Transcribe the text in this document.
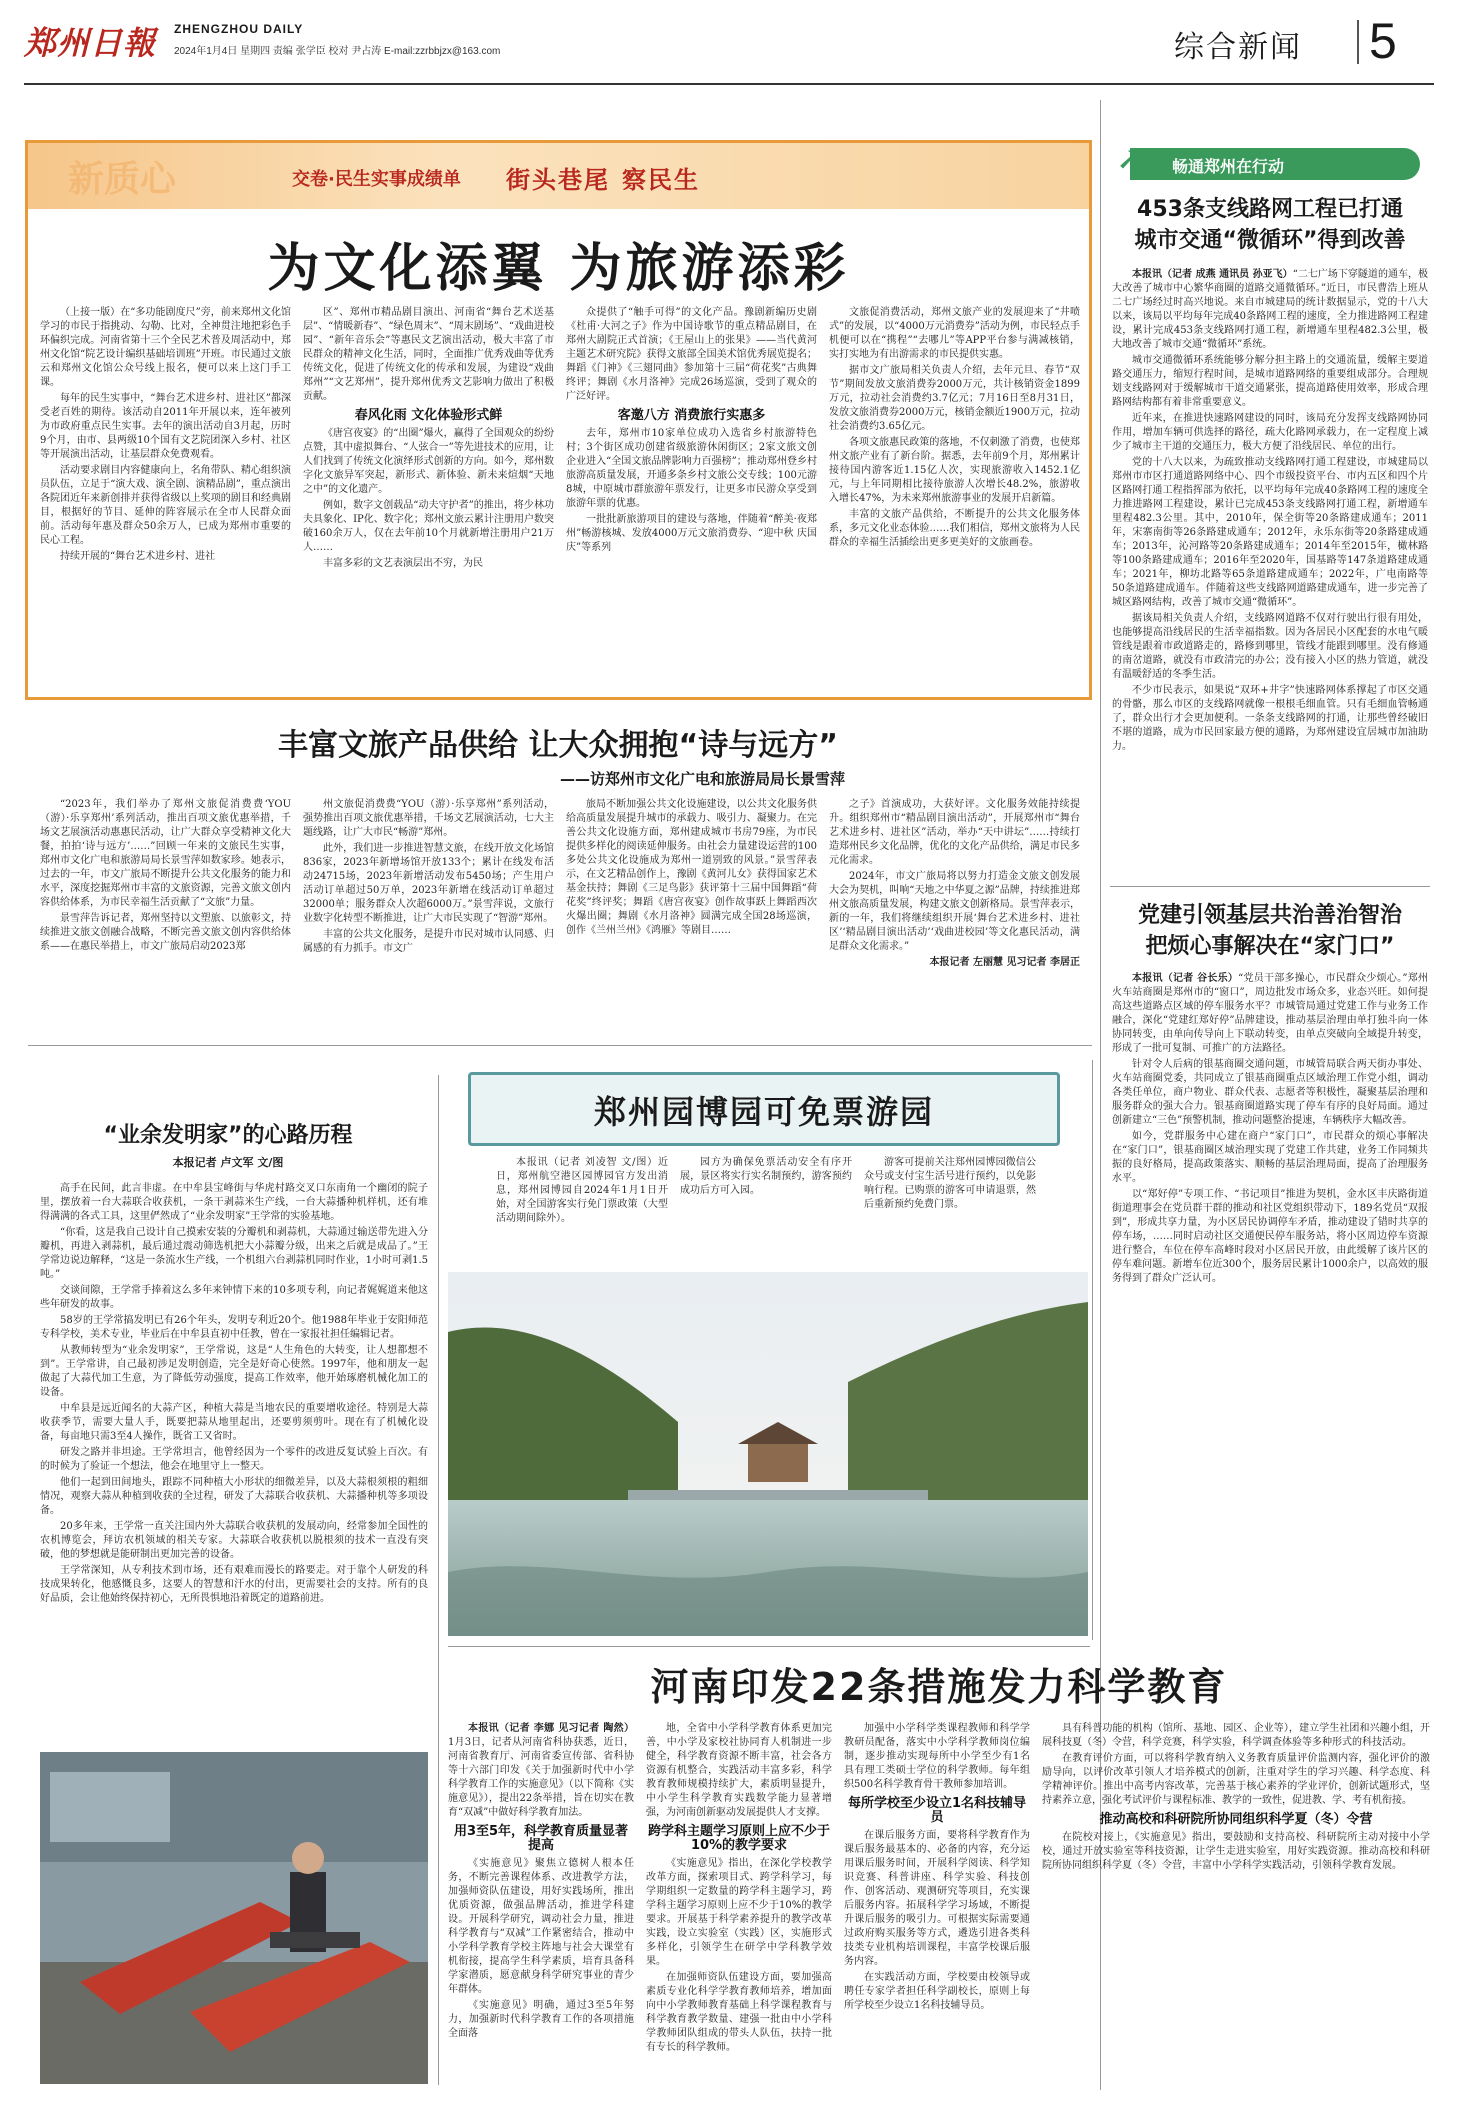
郑州日報 ZHENGZHOU DAILY
2024年1月4日 星期四 责编 张学臣 校对 尹占涛 E-mail:zzrbbjzx@163.com	综合新闻 5
新质心	交卷·民生实事成绩单 街头巷尾 察民生
为文化添翼 为旅游添彩

（上接一版）在“多功能剧度尺”旁，前来郑州文化馆学习的市民于指挑动、勾勒、比对，全神贯注地把彩色手环偏织完成。河南省第十三个全民艺术普及周活动中，郑州文化馆“院艺设计编织基础培训班”开班。市民通过文旅云和郑州文化馆公众号线上报名，便可以来上这门手工课。

每年的民生实事中，“舞台艺术进乡村、进社区”都深受老百姓的期待。该活动自2011年开展以来，连年被列为市政府重点民生实事。去年的演出活动自3月起，历时9个月，由市、县两级10个国有文艺院团深入乡村、社区等开展演出活动，让基层群众免费观看。

活动要求剧目内容健康向上，名角带队、精心组织演员队伍，立足于“演大戏、演全剧、演精品剧”，重点演出各院团近年来新创排并获得省级以上奖项的剧目和经典剧目，根据好的节目、延伸的阵容展示在全市人民群众面前。活动每年惠及群众50余万人，已成为郑州市重要的民心工程。

持续开展的“舞台艺术进乡村、进社

区”、郑州市精品剧目演出、河南省“舞台艺术送基层”、“情暖新春”、“绿色周末”、“周末剧场”、“戏曲进校园”、“新年音乐会”等惠民文艺演出活动，极大丰富了市民群众的精神文化生活，同时，全面推广优秀戏曲等优秀传统文化，促进了传统文化的传承和发展，为建设“戏曲郑州”“文艺郑州”，提升郑州优秀文艺影响力做出了积极贡献。

春风化雨 文化体验形式鲜

《唐宫夜宴》的“出圈”爆火，赢得了全国观众的纷纷点赞，其中虚拟舞台、“人弦合一”等先进技术的应用，让人们找到了传统文化演绎形式创新的方向。如今，郑州数字化文旅异军突起，新形式、新体验、新未来煊烟“天地之中”的文化遗产。

例如，数字文创载品“动夫守护者”的推出，将少林功夫具象化、IP化、数字化；郑州文旅云累计注册用户数突破160余万人，仅在去年前10个月就新增注册用户21万人……

丰富多彩的文艺表演层出不穷，为民

众提供了“触手可得”的文化产品。豫剧新编历史剧《杜甫·大河之子》作为中国诗歌节的重点精品剧目，在郑州大剧院正式首演；《王屋山上的张果》——当代黄河主题艺术研究院》获得文旅部全国美术馆优秀展览提名；舞蹈《门神》《三翅同曲》参加第十三届“荷花奖”古典舞终评；舞剧《水月洛神》完成26场巡演，受到了观众的广泛好评。

客邀八方 消费旅行实惠多

去年，郑州市10家单位成功入选省乡村旅游特色村；3个街区成功创建省级旅游休闲街区；2家文旅文创企业进入“全国文旅品牌影响力百强榜”；推动郑州登乡村旅游高质量发展，开通多条乡村文旅公交专线；100元游8城，中原城市群旅游年票发行，让更多市民游众享受到旅游年票的优惠。

一批批新旅游项目的建设与落地，伴随着“醉美·夜郑州”畅游核城、发放4000万元文旅消费券、“迎中秋 庆国庆”等系列

文旅促消费活动，郑州文旅产业的发展迎来了“井喷式”的发展，以“4000万元消费券”活动为例，市民轻点手机便可以在“携程”“去哪儿”等APP平台参与满减核销，实打实地为有出游需求的市民提供实惠。

据市文广旅局相关负责人介绍，去年元旦、春节“双节”期间发放文旅消费券2000万元，共计核销资金1899万元，拉动社会消费约3.7亿元；7月16日至8月31日，发放文旅消费券2000万元，核销金额近1900万元，拉动社会消费约3.65亿元。

各项文旅惠民政策的落地，不仅刺激了消费，也使郑州文旅产业有了新台阶。据悉，去年前9个月，郑州累计接待国内游客近1.15亿人次，实现旅游收入1452.1亿元，与上年同期相比接待旅游人次增长48.2%，旅游收入增长47%，为未来郑州旅游事业的发展开启新篇。

丰富的文旅产品供给，不断提升的公共文化服务体系，多元文化业态体验……我们相信，郑州文旅将为人民群众的幸福生活插绘出更多更美好的文旅画卷。

丰富文旅产品供给 让大众拥抱“诗与远方”
——访郑州市文化广电和旅游局局长景雪萍

“2023年，我们举办了郑州文旅促消费费‘YOU（游）·乐享郑州’系列活动，推出百项文旅优惠举措，千场文艺展演活动惠惠民活动，让广大群众享受精神文化大餐，拍拍‘诗与远方’……”回顾一年来的文旅民生实事，郑州市文化广电和旅游局局长景雪萍如数家珍。她表示，过去的一年，市文广旅局不断提升公共文化服务的能力和水平，深度挖掘郑州市丰富的文旅资源，完善文旅文创内容供给体系，为市民幸福生活贡献了“文旅”力量。

景雪萍告诉记者，郑州坚持以文塑旅、以旅彰文，持续推进文旅文创融合战略，不断完善文旅文创内容供给体系——在惠民举措上，市文广旅局启动2023郑

州文旅促消费费“YOU（游）·乐享郑州”系列活动，强势推出百项文旅优惠举措，千场文艺展演活动，七大主题线路，让广大市民“畅游”郑州。

此外，我们进一步推进智慧文旅，在线开放文化场馆836家，2023年新增场馆开放133个；累计在线发布活动24715场，2023年新增活动发布5450场；产生用户活动订单超过50万单，2023年新增在线活动订单超过32000单；服务群众人次超6000万。”景雪萍说，文旅行业数字化转型不断推进，让广大市民实现了“智游”郑州。

丰富的公共文化服务，是提升市民对城市认同感、归属感的有力抓手。市文广

旅局不断加强公共文化设施建设，以公共文化服务供给高质量发展提升城市的承载力、吸引力、凝聚力。在完善公共文化设施方面，郑州建成城市书房79座，为市民提供多样化的阅读延伸服务。由社会力量建设运营的100多处公共文化设施成为郑州一道别致的风景。”景雪萍表示，在文艺精品创作上，豫剧《黄河儿女》获得国家艺术基金扶持；舞剧《三足鸟影》获评第十三届中国舞蹈“荷花奖”终评奖；舞蹈《唐宫夜宴》创作故事跃上舞蹈西次火爆出圈；舞剧《水月洛神》圆满完成全国28场巡演，创作《兰州兰州》《鸿雁》等剧目……

之子》首演成功，大获好评。文化服务效能持续提升。组织郑州市“精品剧目演出活动”，开展郑州市“舞台艺术进乡村、进社区”活动，举办“天中讲坛”……持续打造郑州民乡文化品牌，优化的文化产品供给，满足市民多元化需求。

2024年，市文广旅局将以努力打造金文旅文创发展大会为契机，叫响“天地之中华夏之源”品牌，持续推进郑州文旅高质量发展，构建文旅文创新格局。景雪萍表示，新的一年，我们将继续组织开展‘舞台艺术进乡村、进社区’‘精品剧目演出活动’‘戏曲进校园’等文化惠民活动，满足群众文化需求。”

本报记者 左丽慧 见习记者 李居正
➚ 畅通郑州在行动
453条支线路网工程已打通
城市交通“微循环”得到改善

本报讯（记者 成燕 通讯员 孙亚飞）“二七广场下穿隧道的通车，极大改善了城市中心繁华商圈的道路交通微循环。”近日，市民曹浩上班从二七广场经过时高兴地说。来自市城建局的统计数据显示，党的十八大以来，该局以平均每年完成40条路网工程的速度，全力推进路网工程建设，累计完成453条支线路网打通工程，新增通车里程482.3公里，极大地改善了城市交通“微循环”系统。

城市交通微循环系统能够分解分担主路上的交通流量，缓解主要道路交通压力，缩短行程时间，是城市道路网络的重要组成部分。合理规划支线路网对于缓解城市干道交通紧张，提高道路使用效率，形成合理路网结构都有着非常重要意义。

近年来，在推进快速路网建设的同时，该局充分发挥支线路网协同作用，增加车辆可供选择的路径，疏大化路网承载力，在一定程度上减少了城市主干道的交通压力，极大方便了沿线居民、单位的出行。

党的十八大以来，为疏致推动支线路网打通工程建设，市城建局以郑州市市区打通道路网络中心、四个市级投资平台、市内五区和四个片区路网打通工程指挥部为依托，以平均每年完成40条路网工程的速度全力推进路网工程建设，累计已完成453条支线路网打通工程，新增通车里程482.3公里。其中，2010年，保全街等20条路建成通车；2011年，宋寨南街等26条路建成通车；2012年，永乐东街等20条路建成通车；2013年，沁河路等20条路建成通车；2014年至2015年，橄林路等100条路建成通车；2016年至2020年，国基路等147条道路建成通车；2021年，柳坊北路等65条道路建成通车；2022年，广电南路等50条道路建成通车。伴随着这些支线路网道路建成通车，进一步完善了城区路网结构，改善了城市交通“微循环”。

据该局相关负责人介绍，支线路网道路不仅对行驶出行很有用处，也能够提高沿线居民的生活幸福指数。因为各居民小区配套的水电气暖管线是跟着市政道路走的，路修到哪里，管线才能跟到哪里。没有修通的南岔道路，就没有市政清完的办公；没有接入小区的热力管道，就没有温暖舒适的冬季生活。

不少市民表示，如果说“双环+井字”快速路网体系撑起了市区交通的骨骼，那么市区的支线路网就像一根根毛细血管。只有毛细血管畅通了，群众出行才会更加便利。一条条支线路网的打通，让那些曾经破旧不堪的道路，成为市民回家最方便的通路，为郑州建设宜居城市加油助力。

党建引领基层共治善治智治
把烦心事解决在“家门口”

本报讯（记者 谷长乐）“党员干部多操心，市民群众少烦心。”郑州火车站商圈是郑州市的“窗口”，周边批发市场众多，业态兴旺。如何提高这些道路点区域的停车服务水平？市城管局通过党建工作与业务工作融合，深化“党建红郑好停”品牌建设，推动基层治理由单打独斗向一体协同转变，由单向传导向上下联动转变，由单点突破向全域提升转变，形成了一批可复制、可推广的方法路径。

针对令人后病的银基商圈交通问题，市城管局联合两天街办事处、火车站商圈党委，共同成立了银基商圈重点区域治理工作党小组，调动各类任单位，商户物业、群众代表、志愿者等积极性，凝聚基层治理和服务群众的强大合力。银基商圈道路实现了停车有序的良好局面。通过创新建立“三色”预警机制，推动问题整治提速，车辆秩序大幅改善。

如今，党群服务中心建在商户“家门口”，市民群众的烦心事解决在“家门口”，银基商圈区域治理实现了党建工作共建，业务工作同频共振的良好格局，提高政策落实、顺畅的基层治理局面，提高了治理服务水平。

以“郑好停”专项工作、“书记项目”推进为契机，金水区丰庆路街道街道理事会在党员群干群的推动和社区党组织带动下，189名党员“双报到”，形成共享力量，为小区居民协调停车矛盾，推动建设了错时共享的停车场，……同时启动社区交通便民停车服务站，将小区周边停车资源进行整合，车位在停车高峰时段对小区居民开放，由此缓解了该片区的停车难问题。新增车位近300个，服务居民累计1000余户，以高效的服务得到了群众广泛认可。

“业余发明家”的心路历程
本报记者 卢文军 文/图

高手在民间，此言非虚。在中牟县宝峰街与华虎村路交叉口东南角一个幽闭的院子里，摆放着一台大蒜联合收获机，一条干剥蒜米生产线，一台大蒜播种机样机，还有堆得满满的各式工具，这里俨然成了“业余发明家”王学常的实验基地。

“你看，这是我自己设计自己摸索安装的分瓣机和剥蒜机，大蒜通过输送带先进入分瓣机，再进入剥蒜机，最后通过震动筛选机把大小蒜瓣分级，出来之后就是成品了。”王学常边说边解释，“这是一条流水生产线，一个机组六台剥蒜机同时作业，1小时可剥1.5吨。”

交谈间隙，王学常手捧着这么多年来钟情下来的10多项专利，向记者娓娓道来他这些年研发的故事。

58岁的王学常搞发明已有26个年头，发明专利近20个。他1988年毕业于安阳师范专科学校，美术专业，毕业后在中牟县直初中任教，曾在一家报社担任编辑记者。

从教师转型为“业余发明家”，王学常说，这是“人生角色的大转变，让人想都想不到”。王学常讲，自己最初涉足发明创造，完全是好奇心使然。1997年，他和朋友一起做起了大蒜代加工生意，为了降低劳动强度，提高工作效率，他开始琢磨机械化加工的设备。

中牟县是远近闻名的大蒜产区，种植大蒜是当地农民的重要增收途径。特别是大蒜收获季节，需要大量人手，既要把蒜从地里起出，还要剪须剪叶。现在有了机械化设备，每亩地只需3至4人操作，既省工又省时。

研发之路并非坦途。王学常坦言，他曾经因为一个零件的改进反复试验上百次。有的时候为了验证一个想法，他会在地里守上一整天。

他们一起到田间地头，跟踪不同种植大小形状的细微差异，以及大蒜根须根的粗细情况，观察大蒜从种植到收获的全过程，研发了大蒜联合收获机、大蒜播种机等多项设备。

20多年来，王学常一直关注国内外大蒜联合收获机的发展动向，经常参加全国性的农机博览会，拜访农机领域的相关专家。大蒜联合收获机以脱根须的技术一直没有突破，他的梦想就是能研制出更加完善的设备。

王学常深知，从专利技术到市场，还有艰难而漫长的路要走。对于靠个人研发的科技成果转化，他感慨良多，这要人的智慧和汗水的付出，更需要社会的支持。所有的良好品质，会让他始终保持初心，无所畏惧地沿着既定的道路前进。

郑州园博园可免票游园

本报讯（记者 刘凌智 文/图）近日，郑州航空港区园博园官方发出消息，郑州园博园自2024年1月1日开始，对全国游客实行免门票政策（大型活动期间除外）。

园方为确保免票活动安全有序开展，景区将实行实名制预约，游客预约成功后方可入园。

游客可提前关注郑州园博园微信公众号或支付宝生活号进行预约，以免影响行程。已购票的游客可申请退票，然后重新预约免费门票。

河南印发22条措施发力科学教育

本报讯（记者 李娜 见习记者 陶然）1月3日，记者从河南省科协获悉，近日，河南省教育厅、河南省委宣传部、省科协等十六部门印发《关于加强新时代中小学科学教育工作的实施意见》（以下简称《实施意见》），提出22条举措，旨在切实在教育“双减”中做好科学教育加法。

用3至5年，科学教育质量显著提高

《实施意见》聚焦立德树人根本任务，不断完善课程体系、改进教学方法，加强师资队伍建设，用好实践场所，推出优质资源，做强品牌活动，推进学科建设。开展科学研究，调动社会力量，推进科学教育与“双减”工作紧密结合，推动中小学科学教育学校主阵地与社会大课堂有机衔接，提高学生科学素质，培育具备科学家潜质，愿意献身科学研究事业的青少年群体。

《实施意见》明确，通过3至5年努力，加强新时代科学教育工作的各项措施全面落

地，全省中小学科学教育体系更加完善，中小学及家校社协同育人机制进一步健全，科学教育资源不断丰富，社会各方资源有机整合，实践活动丰富多彩，科学教育教师规模持续扩大，素质明显提升，中小学生科学教育实践数学能力显著增强，为河南创新驱动发展提供人才支撑。

跨学科主题学习原则上应不少于10%的教学要求

《实施意见》指出，在深化学校教学改革方面，探索项目式、跨学科学习，每学期组织一定数量的跨学科主题学习，跨学科主题学习原则上应不少于10%的教学要求。开展基于科学素养提升的教学改革实践，设立实验室（实践）区，实施形式多样化，引领学生在研学中学科教学效果。

在加强师资队伍建设方面，要加强高素质专业化科学学教育教师培养，增加面向中小学教师教育基础上科学课程教育与科学教育教学数量、建强一批由中小学科学教师团队组成的带头人队伍，扶持一批有专长的科学教师。

加强中小学科学类课程教师和科学学教研员配备，落实中小学科学教师岗位编制，逐步推动实现每所中小学至少有1名具有理工类硕士学位的科学教师。每年组织500名科学教育骨干教师参加培训。

每所学校至少设立1名科技辅导员

在课后服务方面，要将科学教育作为课后服务最基本的、必备的内容，充分运用课后服务时间，开展科学阅读、科学知识竞赛、科普讲座、科学实验、科技创作、创客活动、观测研究等项目，充实课后服务内容。拓展科学学习场域，不断提升课后服务的吸引力。可根据实际需要通过政府购买服务等方式，遴选引进各类科技类专业机构培训课程，丰富学校课后服务内容。

在实践活动方面，学校要由校领导或聘任专家学者担任科学副校长，原则上每所学校至少设立1名科技辅导员。

具有科普功能的机构（馆所、基地、园区、企业等），建立学生社团和兴趣小组，开展科技夏（冬）令营，科学竞赛，科学实验，科学调查体验等多种形式的科技活动。

在教育评价方面，可以将科学教育纳入义务教育质量评价监测内容，强化评价的激励导向，以评价改革引领人才培养模式的创新，注重对学生的学习兴趣、科学态度、科学精神评价。推出中高考内容改革，完善基于核心素养的学业评价，创新试题形式，坚持素养立意，强化考试评价与课程标准、教学的一致性，促进教、学、考有机衔接。

推动高校和科研院所协同组织科学夏（冬）令营

在院校对接上，《实施意见》指出，要鼓励和支持高校、科研院所主动对接中小学校，通过开放实验室等科技资源，让学生走进实验室，用好实践资源。推动高校和科研院所协同组织科学夏（冬）令营，丰富中小学科学实践活动，引领科学教育发展。
